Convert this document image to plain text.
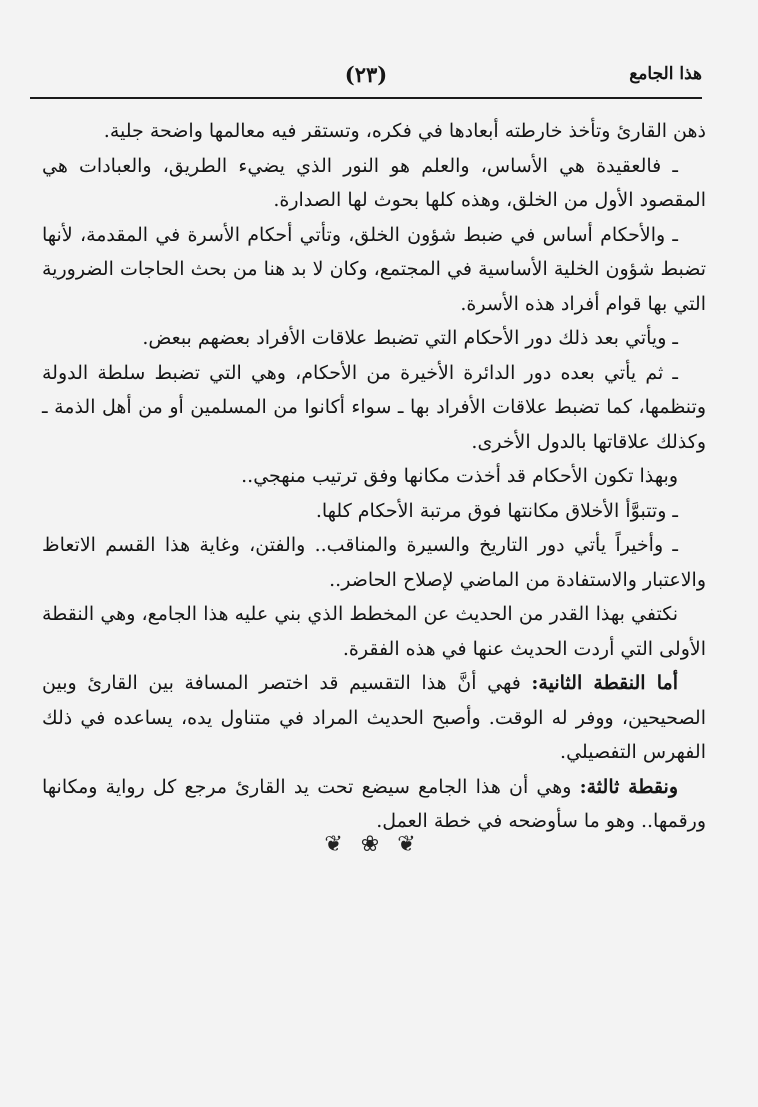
هذا الجامع
(٢٣)

ذهن القارئ وتأخذ خارطته أبعادها في فكره، وتستقر فيه معالمها واضحة جلية.

ـ فالعقيدة هي الأساس، والعلم هو النور الذي يضيء الطريق، والعبادات هي المقصود الأول من الخلق، وهذه كلها بحوث لها الصدارة.

ـ والأحكام أساس في ضبط شؤون الخلق، وتأتي أحكام الأسرة في المقدمة، لأنها تضبط شؤون الخلية الأساسية في المجتمع، وكان لا بد هنا من بحث الحاجات الضرورية التي بها قوام أفراد هذه الأسرة.

ـ ويأتي بعد ذلك دور الأحكام التي تضبط علاقات الأفراد بعضهم ببعض.

ـ ثم يأتي بعده دور الدائرة الأخيرة من الأحكام، وهي التي تضبط سلطة الدولة وتنظمها، كما تضبط علاقات الأفراد بها ـ سواء أكانوا من المسلمين أو من أهل الذمة ـ وكذلك علاقاتها بالدول الأخرى.

وبهذا تكون الأحكام قد أخذت مكانها وفق ترتيب منهجي..

ـ وتتبوَّأ الأخلاق مكانتها فوق مرتبة الأحكام كلها.

ـ وأخيراً يأتي دور التاريخ والسيرة والمناقب.. والفتن، وغاية هذا القسم الاتعاظ والاعتبار والاستفادة من الماضي لإصلاح الحاضر..

نكتفي بهذا القدر من الحديث عن المخطط الذي بني عليه هذا الجامع، وهي النقطة الأولى التي أردت الحديث عنها في هذه الفقرة.

أما النقطة الثانية: فهي أنَّ هذا التقسيم قد اختصر المسافة بين القارئ وبين الصحيحين، ووفر له الوقت. وأصبح الحديث المراد في متناول يده، يساعده في ذلك الفهرس التفصيلي.

ونقطة ثالثة: وهي أن هذا الجامع سيضع تحت يد القارئ مرجع كل رواية ومكانها ورقمها.. وهو ما سأوضحه في خطة العمل.

❦❀❦
